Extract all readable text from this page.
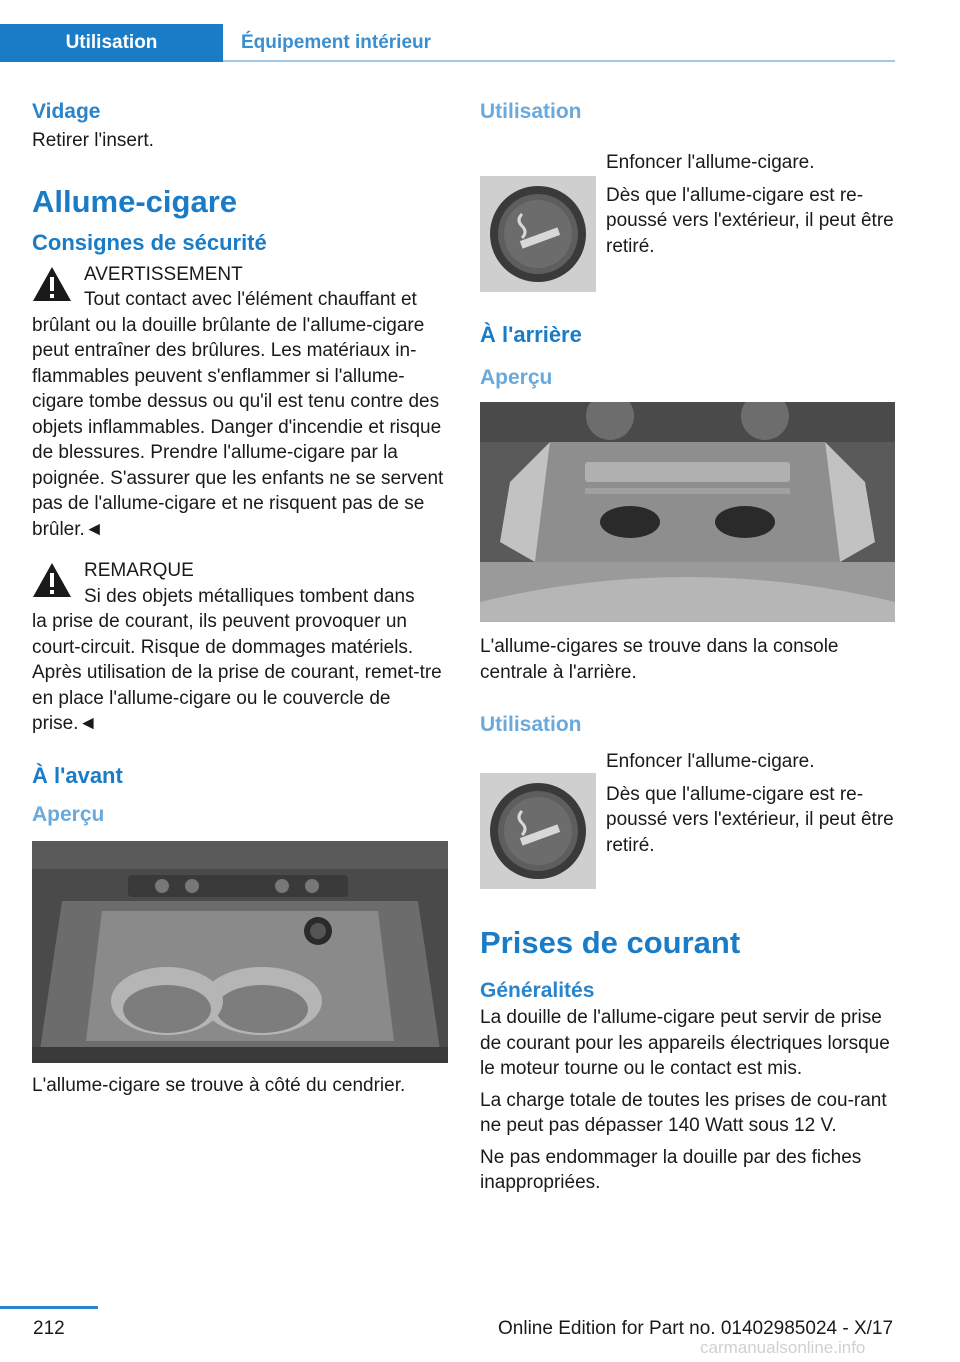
Utilisation	Équipement intérieur
Vidage

Retirer l'insert.

Allume-cigare
Consignes de sécurité
AVERTISSEMENT
Tout contact avec l'élément chauffant et
brûlant ou la douille brûlante de l'allume-cigare peut entraîner des brûlures. Les matériaux in-flammables peuvent s'enflammer si l'allume-cigare tombe dessus ou qu'il est tenu contre des objets inflammables. Danger d'incendie et risque de blessures. Prendre l'allume-cigare par la poignée. S'assurer que les enfants ne se servent pas de l'allume-cigare et ne risquent pas de se brûler.◄
REMARQUE
Si des objets métalliques tombent dans
la prise de courant, ils peuvent provoquer un court-circuit. Risque de dommages matériels. Après utilisation de la prise de courant, remet-tre en place l'allume-cigare ou le couvercle de prise.◄
À l'avant
Aperçu

L'allume-cigare se trouve à côté du cendrier.

Utilisation

Enfoncer l'allume-cigare.

Dès que l'allume-cigare est re-poussé vers l'extérieur, il peut être retiré.

À l'arrière
Aperçu

L'allume-cigares se trouve dans la console centrale à l'arrière.

Utilisation

Enfoncer l'allume-cigare.

Dès que l'allume-cigare est re-poussé vers l'extérieur, il peut être retiré.

Prises de courant
Généralités

La douille de l'allume-cigare peut servir de prise de courant pour les appareils électriques lorsque le moteur tourne ou le contact est mis.

La charge totale de toutes les prises de cou-rant ne peut pas dépasser 140 Watt sous 12 V.

Ne pas endommager la douille par des fiches inappropriées.

212	Online Edition for Part no. 01402985024 - X/17
carmanualsonline.info
